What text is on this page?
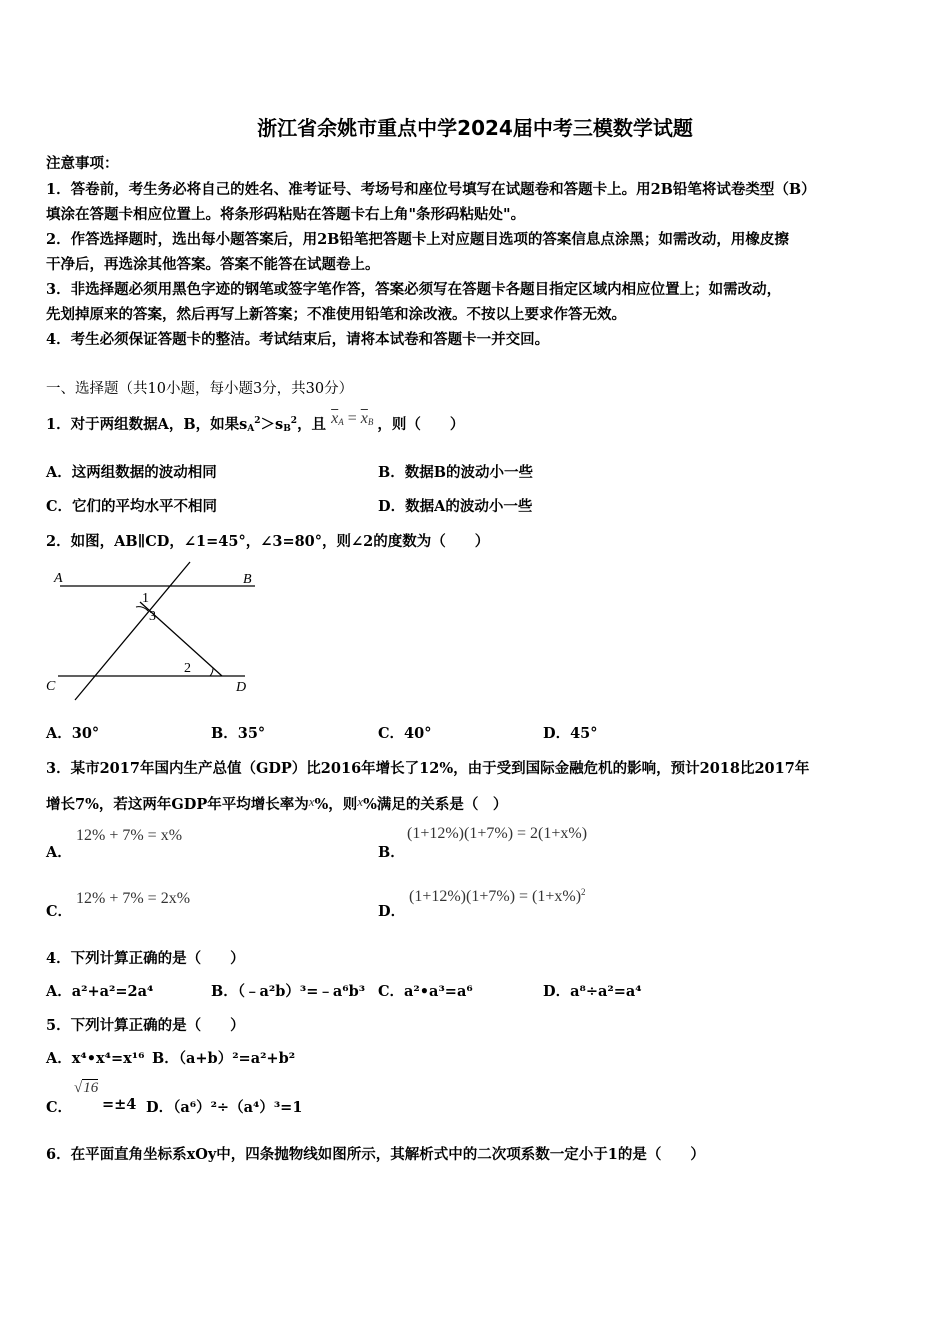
浙江省余姚市重点中学2024届中考三模数学试题
注意事项：
1．答卷前，考生务必将自己的姓名、准考证号、考场号和座位号填写在试题卷和答题卡上。用2B铅笔将试卷类型（B）
填涂在答题卡相应位置上。将条形码粘贴在答题卡右上角"条形码粘贴处"。
2．作答选择题时，选出每小题答案后，用2B铅笔把答题卡上对应题目选项的答案信息点涂黑；如需改动，用橡皮擦
干净后，再选涂其他答案。答案不能答在试题卷上。
3．非选择题必须用黑色字迹的钢笔或签字笔作答，答案必须写在答题卡各题目指定区域内相应位置上；如需改动，
先划掉原来的答案，然后再写上新答案；不准使用铅笔和涂改液。不按以上要求作答无效。
4．考生必须保证答题卡的整洁。考试结束后，请将本试卷和答题卡一并交回。
一、选择题（共10小题，每小题3分，共30分）
1．对于两组数据A，B，如果$s_A^2>s_B^2$，且 $\overline{x}_A = \overline{x}_B$ ，则（　　）
A．这两组数据的波动相同	B．数据B的波动小一些
C．它们的平均水平不相同	D．数据A的波动小一些
2．如图，AB∥CD，∠1=45°，∠3=80°，则∠2的度数为（　　）
A	B
C	D
1
3
2
A．30°	B．35°	C．40°	D．45°
3．某市2017年国内生产总值（GDP）比2016年增长了12%，由于受到国际金融危机的影响，预计2018比2017年
增长7%，若这两年GDP年平均增长率为x%，则x%满足的关系是（　）
A．
12% + 7% = x%
B．
(1+12%)(1+7%) = 2(1+x%)
C．
12% + 7% = 2x%
D．
$(1+12\%)(1+7\%) = (1+x\%)^2$
4．下列计算正确的是（　　）
A．a²+a²=2a⁴	B．（﹣a²b）³=﹣a⁶b³ C．a²•a³=a⁶	D．a⁸÷a²=a⁴
5．下列计算正确的是（　　）
A．x⁴•x⁴=x¹⁶ B．（a+b）²=a²+b²
C．
√16
=±4 D．（a⁶）²÷（a⁴）³=1
6．在平面直角坐标系xOy中，四条抛物线如图所示，其解析式中的二次项系数一定小于1的是（　　）
